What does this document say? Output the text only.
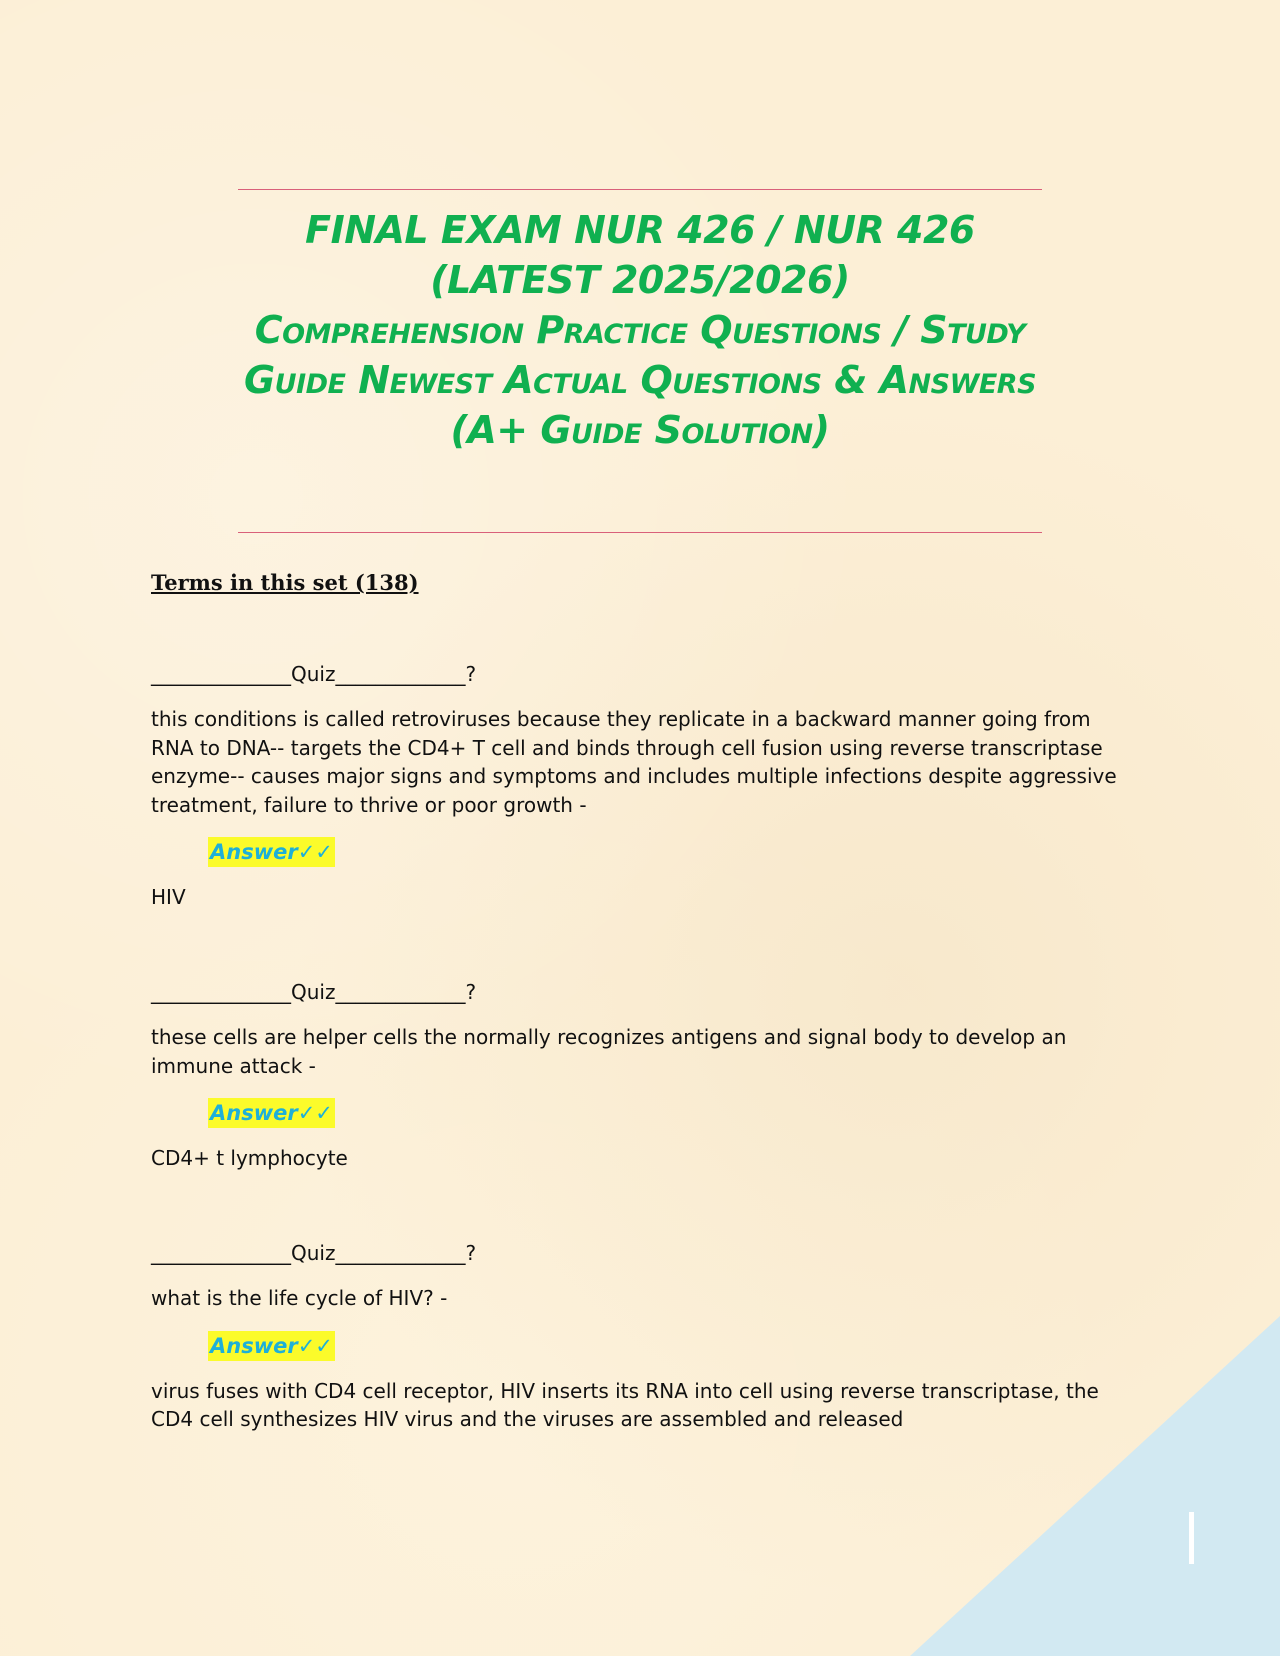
FINAL EXAM NUR 426 / NUR 426
(LATEST 2025/2026)
Comprehension Practice Questions / Study Guide Newest Actual Questions & Answers (A+ Guide Solution)

Terms in this set (138)

______________Quiz_____________?

this conditions is called retroviruses because they replicate in a backward manner going from RNA to DNA-- targets the CD4+ T cell and binds through cell fusion using reverse transcriptase enzyme-- causes major signs and symptoms and includes multiple infections despite aggressive treatment, failure to thrive or poor growth -

Answer✓✓

HIV

______________Quiz_____________?

these cells are helper cells the normally recognizes antigens and signal body to develop an immune attack -

Answer✓✓

CD4+ t lymphocyte

______________Quiz_____________?

what is the life cycle of HIV? -

Answer✓✓

virus fuses with CD4 cell receptor, HIV inserts its RNA into cell using reverse transcriptase, the CD4 cell synthesizes HIV virus and the viruses are assembled and released
